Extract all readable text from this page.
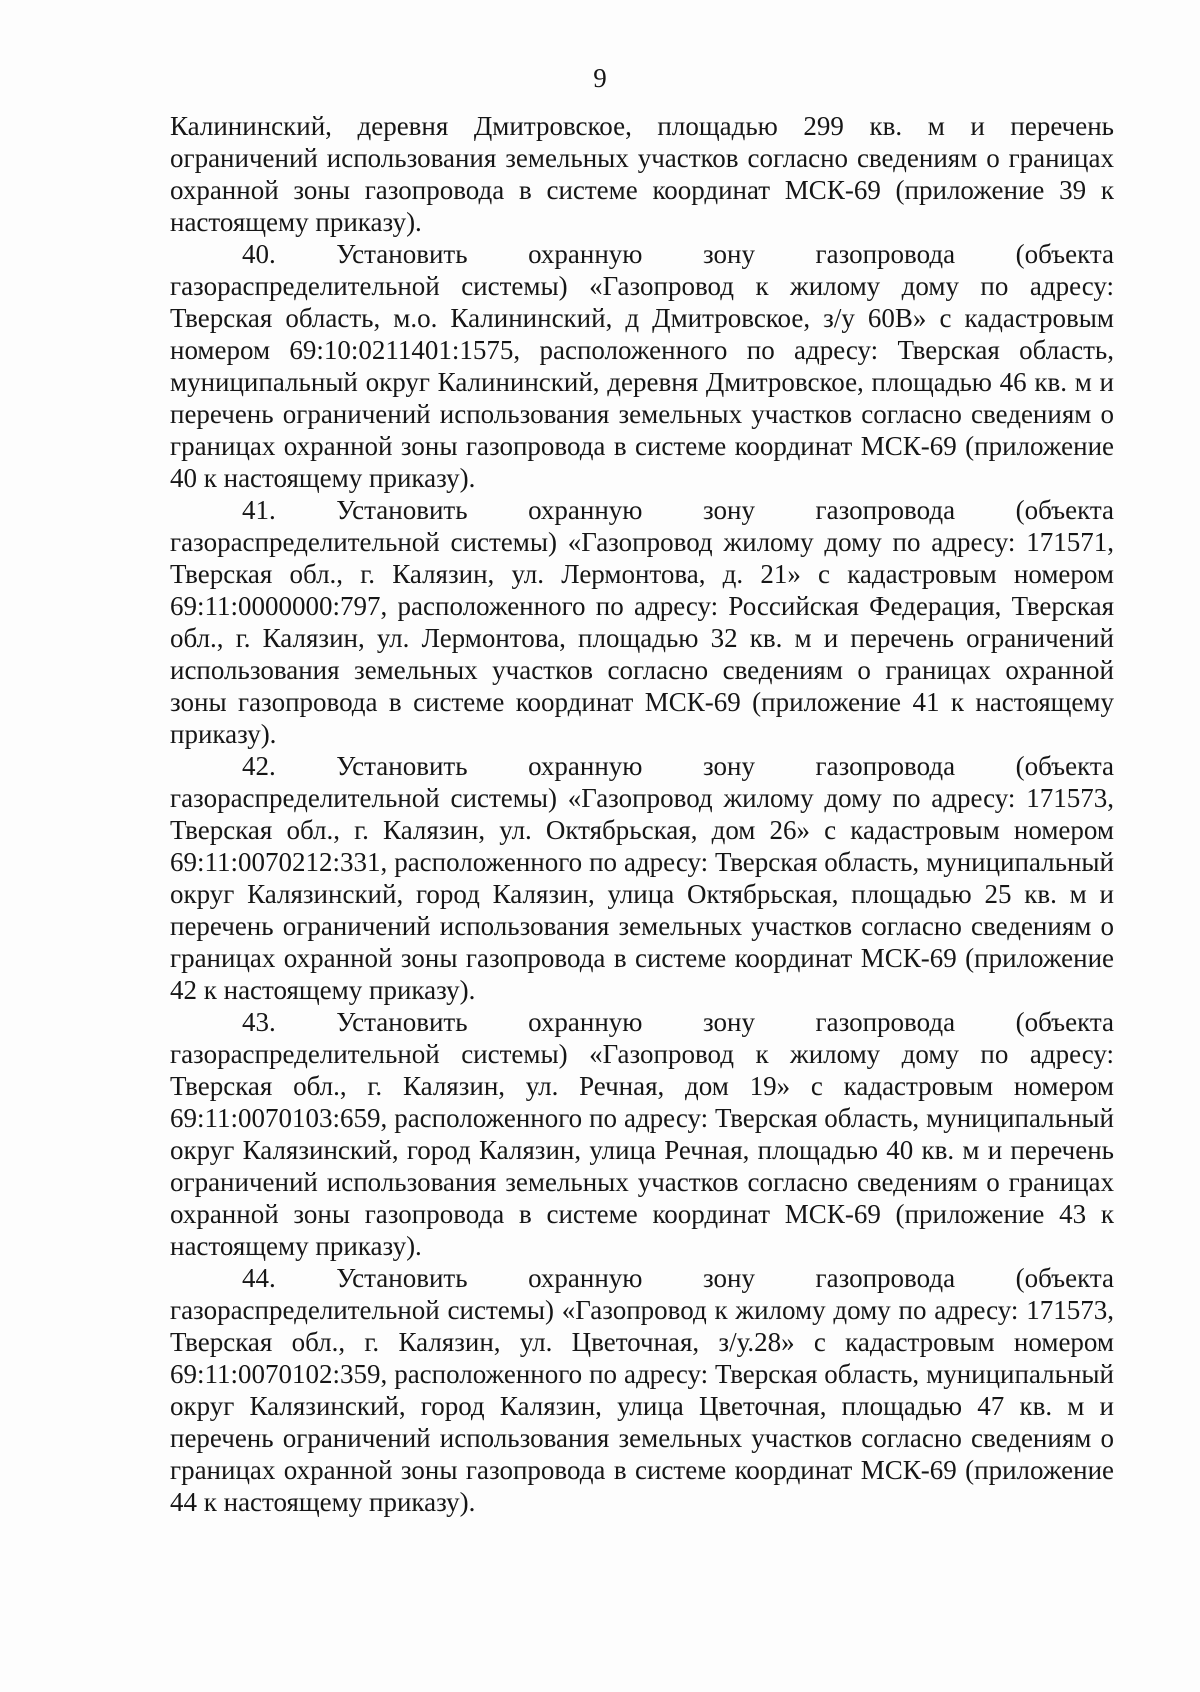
9

Калининский, деревня Дмитровское, площадью 299 кв. м и перечень ограничений использования земельных участков согласно сведениям о границах охранной зоны газопровода в системе координат МСК-69 (приложение 39 к настоящему приказу).

40. Установить охранную зону газопровода (объекта газораспределительной системы) «Газопровод к жилому дому по адресу: Тверская область, м.о. Калининский, д Дмитровское, з/у 60В» с кадастровым номером 69:10:0211401:1575, расположенного по адресу: Тверская область, муниципальный округ Калининский, деревня Дмитровское, площадью 46 кв. м и перечень ограничений использования земельных участков согласно сведениям о границах охранной зоны газопровода в системе координат МСК-69 (приложение 40 к настоящему приказу).

41. Установить охранную зону газопровода (объекта газораспределительной системы) «Газопровод жилому дому по адресу: 171571, Тверская обл., г. Калязин, ул. Лермонтова, д. 21» с кадастровым номером 69:11:0000000:797, расположенного по адресу: Российская Федерация, Тверская обл., г. Калязин, ул. Лермонтова, площадью 32 кв. м и перечень ограничений использования земельных участков согласно сведениям о границах охранной зоны газопровода в системе координат МСК-69 (приложение 41 к настоящему приказу).

42. Установить охранную зону газопровода (объекта газораспределительной системы) «Газопровод жилому дому по адресу: 171573, Тверская обл., г. Калязин, ул. Октябрьская, дом 26» с кадастровым номером 69:11:0070212:331, расположенного по адресу: Тверская область, муниципальный округ Калязинский, город Калязин, улица Октябрьская, площадью 25 кв. м и перечень ограничений использования земельных участков согласно сведениям о границах охранной зоны газопровода в системе координат МСК-69 (приложение 42 к настоящему приказу).

43. Установить охранную зону газопровода (объекта газораспределительной системы) «Газопровод к жилому дому по адресу: Тверская обл., г. Калязин, ул. Речная, дом 19» с кадастровым номером 69:11:0070103:659, расположенного по адресу: Тверская область, муниципальный округ Калязинский, город Калязин, улица Речная, площадью 40 кв. м и перечень ограничений использования земельных участков согласно сведениям о границах охранной зоны газопровода в системе координат МСК-69 (приложение 43 к настоящему приказу).

44. Установить охранную зону газопровода (объекта газораспределительной системы) «Газопровод к жилому дому по адресу: 171573, Тверская обл., г. Калязин, ул. Цветочная, з/у.28» с кадастровым номером 69:11:0070102:359, расположенного по адресу: Тверская область, муниципальный округ Калязинский, город Калязин, улица Цветочная, площадью 47 кв. м и перечень ограничений использования земельных участков согласно сведениям о границах охранной зоны газопровода в системе координат МСК-69 (приложение 44 к настоящему приказу).
